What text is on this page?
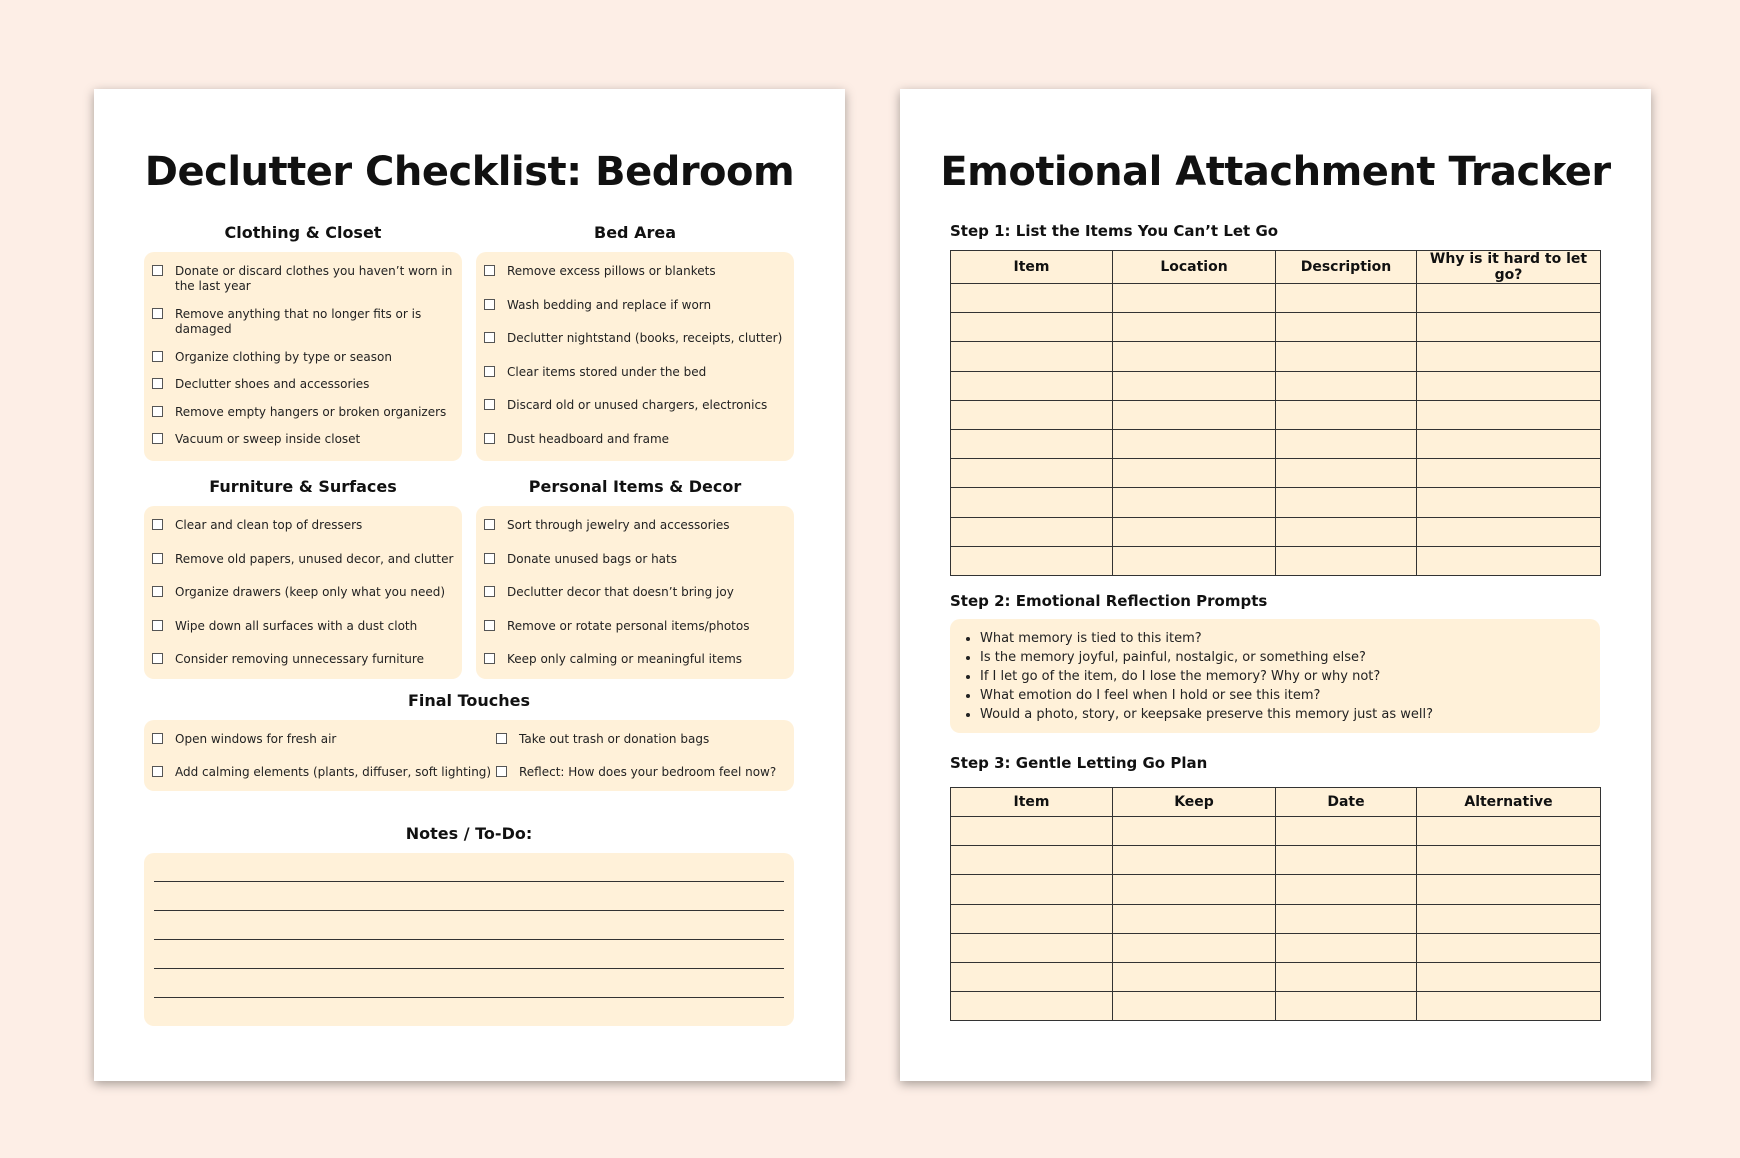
Declutter Checklist: Bedroom
Clothing & Closet
Donate or discard clothes you haven’t worn in the last year
Remove anything that no longer fits or is damaged
Organize clothing by type or season
Declutter shoes and accessories
Remove empty hangers or broken organizers
Vacuum or sweep inside closet
Bed Area
Remove excess pillows or blankets
Wash bedding and replace if worn
Declutter nightstand (books, receipts, clutter)
Clear items stored under the bed
Discard old or unused chargers, electronics
Dust headboard and frame
Furniture & Surfaces
Clear and clean top of dressers
Remove old papers, unused decor, and clutter
Organize drawers (keep only what you need)
Wipe down all surfaces with a dust cloth
Consider removing unnecessary furniture
Personal Items & Decor
Sort through jewelry and accessories
Donate unused bags or hats
Declutter decor that doesn’t bring joy
Remove or rotate personal items/photos
Keep only calming or meaningful items
Final Touches
Open windows for fresh air
Add calming elements (plants, diffuser, soft lighting)
Take out trash or donation bags
Reflect: How does your bedroom feel now?
Notes / To-Do:
Emotional Attachment Tracker
Step 1: List the Items You Can’t Let Go
Item	Location	Description	Why is it hard to let go?

Step 2: Emotional Reflection Prompts
• What memory is tied to this item?
• Is the memory joyful, painful, nostalgic, or something else?
• If I let go of the item, do I lose the memory? Why or why not?
• What emotion do I feel when I hold or see this item?
• Would a photo, story, or keepsake preserve this memory just as well?
Step 3: Gentle Letting Go Plan
Item	Keep	Date	Alternative
